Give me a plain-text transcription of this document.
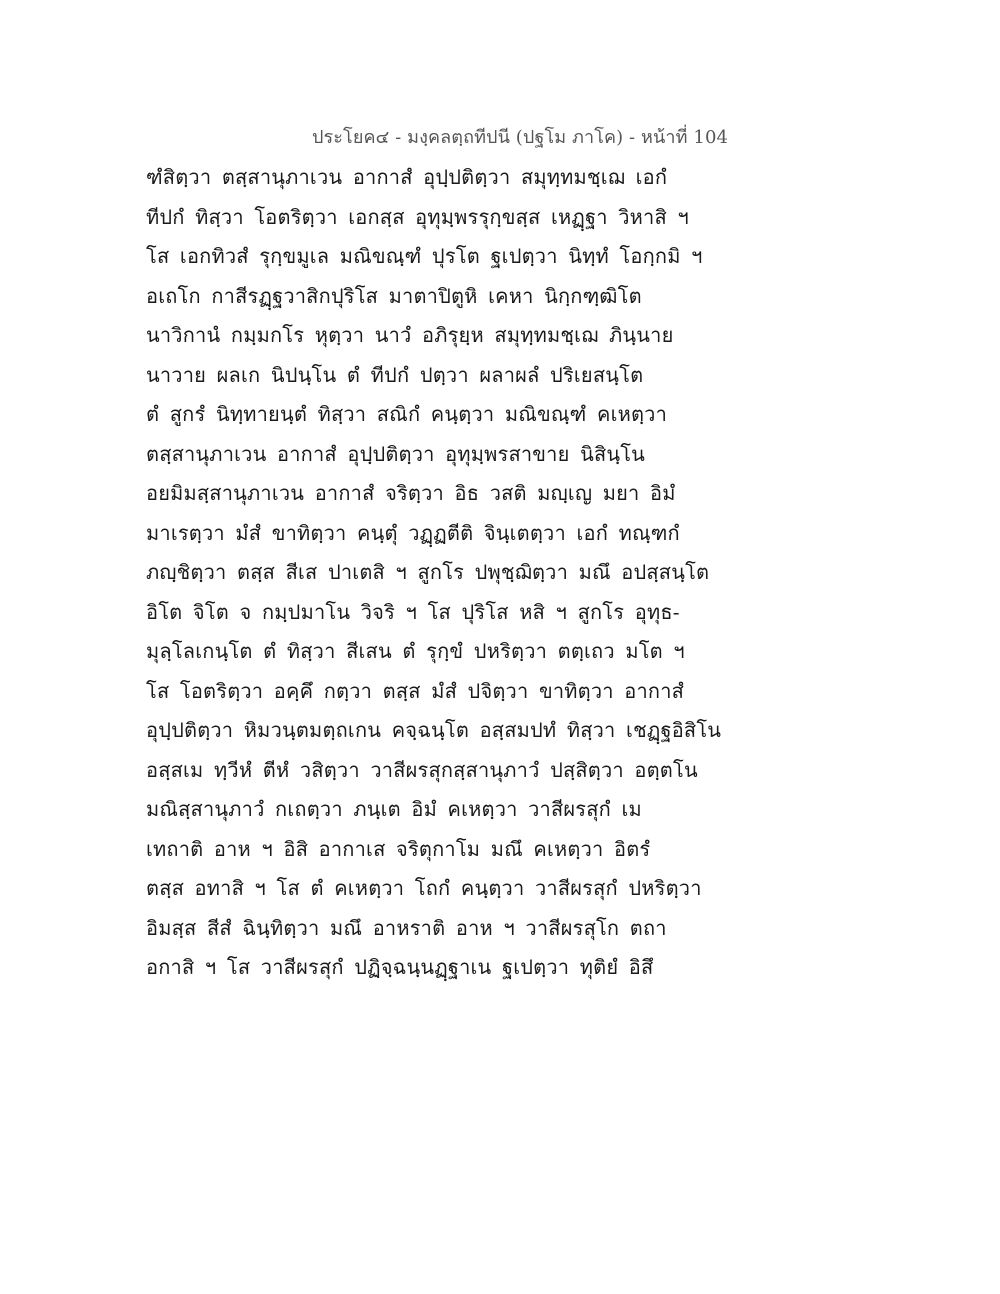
ประโยค๔ - มงฺคลตฺถทีปนี (ปฐโม ภาโค) - หน้าที่ 104
ฑํสิตฺวา ตสฺสานุภาเวน อากาสํ อุปฺปติตฺวา สมุทฺทมชฺเฌ เอกํ
ทีปกํ ทิสฺวา โอตริตฺวา เอกสฺส อุทุมฺพรรุกฺขสฺส เหฏฺฐา วิหาสิ ฯ
โส เอกทิวสํ รุกฺขมูเล มณิขณฺฑํ ปุรโต ฐเปตฺวา นิทฺทํ โอกฺกมิ ฯ
อเถโก กาสีรฏฺฐวาสิกปุริโส มาตาปิตูหิ เคหา นิกฺกฑฺฒิโต
นาวิกานํ กมฺมกโร หุตฺวา นาวํ อภิรุยฺห สมุทฺทมชฺเฌ ภินฺนาย
นาวาย ผลเก นิปนฺโน ตํ ทีปกํ ปตฺวา ผลาผลํ ปริเยสนฺโต
ตํ สูกรํ นิทฺทายนฺตํ ทิสฺวา สณิกํ คนฺตฺวา มณิขณฺฑํ คเหตฺวา
ตสฺสานุภาเวน อากาสํ อุปฺปติตฺวา อุทุมฺพรสาขาย นิสินฺโน
อยมิมสฺสานุภาเวน อากาสํ จริตฺวา อิธ วสติ มญฺเญ มยา อิมํ
มาเรตฺวา มํสํ ขาทิตฺวา คนฺตุํ วฏฺฏตีติ จินฺเตตฺวา เอกํ ทณฺฑกํ
ภญฺชิตฺวา ตสฺส สีเส ปาเตสิ ฯ สูกโร ปพุชฺฌิตฺวา มณึ อปสฺสนฺโต
อิโต จิโต จ กมฺปมาโน วิจริ ฯ โส ปุริโส หสิ ฯ สูกโร อุทุธ-
มุลฺโลเกนฺโต ตํ ทิสฺวา สีเสน ตํ รุกฺขํ ปหริตฺวา ตตฺเถว มโต ฯ
โส โอตริตฺวา อคฺคึ กตฺวา ตสฺส มํสํ ปจิตฺวา ขาทิตฺวา อากาสํ
อุปฺปติตฺวา หิมวนฺตมตฺถเกน คจฺฉนฺโต อสฺสมปทํ ทิสฺวา เชฏฺฐอิสิโน
อสฺสเม ทฺวีหํ ตีหํ วสิตฺวา วาสีผรสุกสฺสานุภาวํ ปสฺสิตฺวา อตฺตโน
มณิสฺสานุภาวํ กเถตฺวา ภนฺเต อิมํ คเหตฺวา วาสีผรสุกํ เม
เทถาติ อาห ฯ อิสิ อากาเส จริตุกาโม มณึ คเหตฺวา อิตรํ
ตสฺส อทาสิ ฯ โส ตํ คเหตฺวา โถกํ คนฺตฺวา วาสีผรสุกํ ปหริตฺวา
อิมสฺส สีสํ ฉินฺทิตฺวา มณึ อาหราติ อาห ฯ วาสีผรสุโก ตถา
อกาสิ ฯ โส วาสีผรสุกํ ปฏิจฺฉนฺนฏฺฐาเน ฐเปตฺวา ทุติยํ อิสึ
